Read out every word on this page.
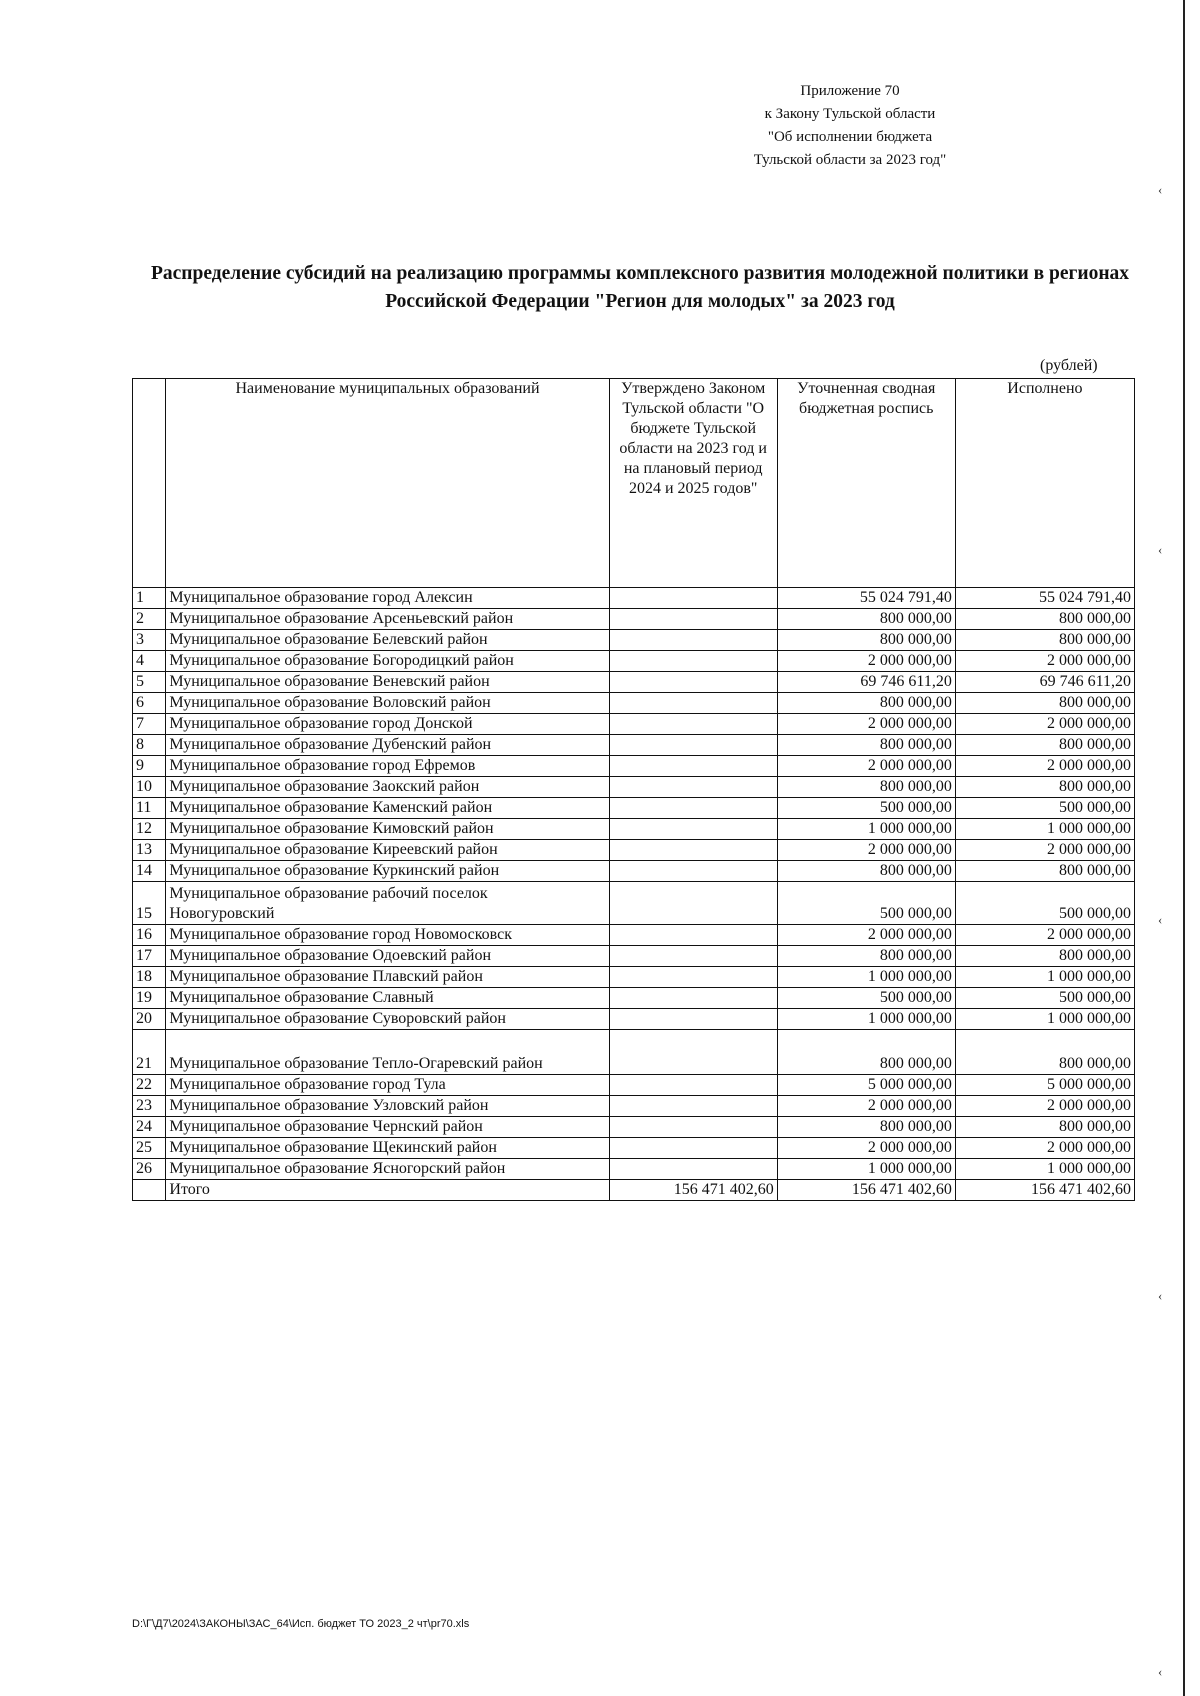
‹
‹
‹
‹
‹
Приложение 70
к Закону Тульской области
"Об исполнении бюджета
Тульской области за 2023 год"
Распределение субсидий на реализацию программы комплексного развития молодежной политики в регионах Российской Федерации "Регион для молодых" за 2023 год
(рублей)
	Наименование муниципальных образований	Утверждено Законом Тульской области "О бюджете Тульской области на 2023 год и на плановый период 2024 и 2025 годов"	Уточненная сводная бюджетная роспись	Исполнено
1	Муниципальное образование город Алексин		55 024 791,40	55 024 791,40
2	Муниципальное образование Арсеньевский район		800 000,00	800 000,00
3	Муниципальное образование Белевский район		800 000,00	800 000,00
4	Муниципальное образование Богородицкий район		2 000 000,00	2 000 000,00
5	Муниципальное образование Веневский район		69 746 611,20	69 746 611,20
6	Муниципальное образование Воловский район		800 000,00	800 000,00
7	Муниципальное образование город Донской		2 000 000,00	2 000 000,00
8	Муниципальное образование Дубенский район		800 000,00	800 000,00
9	Муниципальное образование город Ефремов		2 000 000,00	2 000 000,00
10	Муниципальное образование Заокский район		800 000,00	800 000,00
11	Муниципальное образование Каменский район		500 000,00	500 000,00
12	Муниципальное образование Кимовский район		1 000 000,00	1 000 000,00
13	Муниципальное образование Киреевский район		2 000 000,00	2 000 000,00
14	Муниципальное образование Куркинский район		800 000,00	800 000,00
15	Муниципальное образование рабочий поселок
Новогуровский		500 000,00	500 000,00
16	Муниципальное образование город Новомосковск		2 000 000,00	2 000 000,00
17	Муниципальное образование Одоевский район		800 000,00	800 000,00
18	Муниципальное образование Плавский район		1 000 000,00	1 000 000,00
19	Муниципальное образование Славный		500 000,00	500 000,00
20	Муниципальное образование Суворовский район		1 000 000,00	1 000 000,00
21	Муниципальное образование Тепло-Огаревский район		800 000,00	800 000,00
22	Муниципальное образование город Тула		5 000 000,00	5 000 000,00
23	Муниципальное образование Узловский район		2 000 000,00	2 000 000,00
24	Муниципальное образование Чернский район		800 000,00	800 000,00
25	Муниципальное образование Щекинский район		2 000 000,00	2 000 000,00
26	Муниципальное образование Ясногорский район		1 000 000,00	1 000 000,00
	Итого	156 471 402,60	156 471 402,60	156 471 402,60
D:\Г\Д7\2024\ЗАКОНЫ\ЗАС_64\Исп. бюджет ТО 2023_2 чт\pr70.xls
